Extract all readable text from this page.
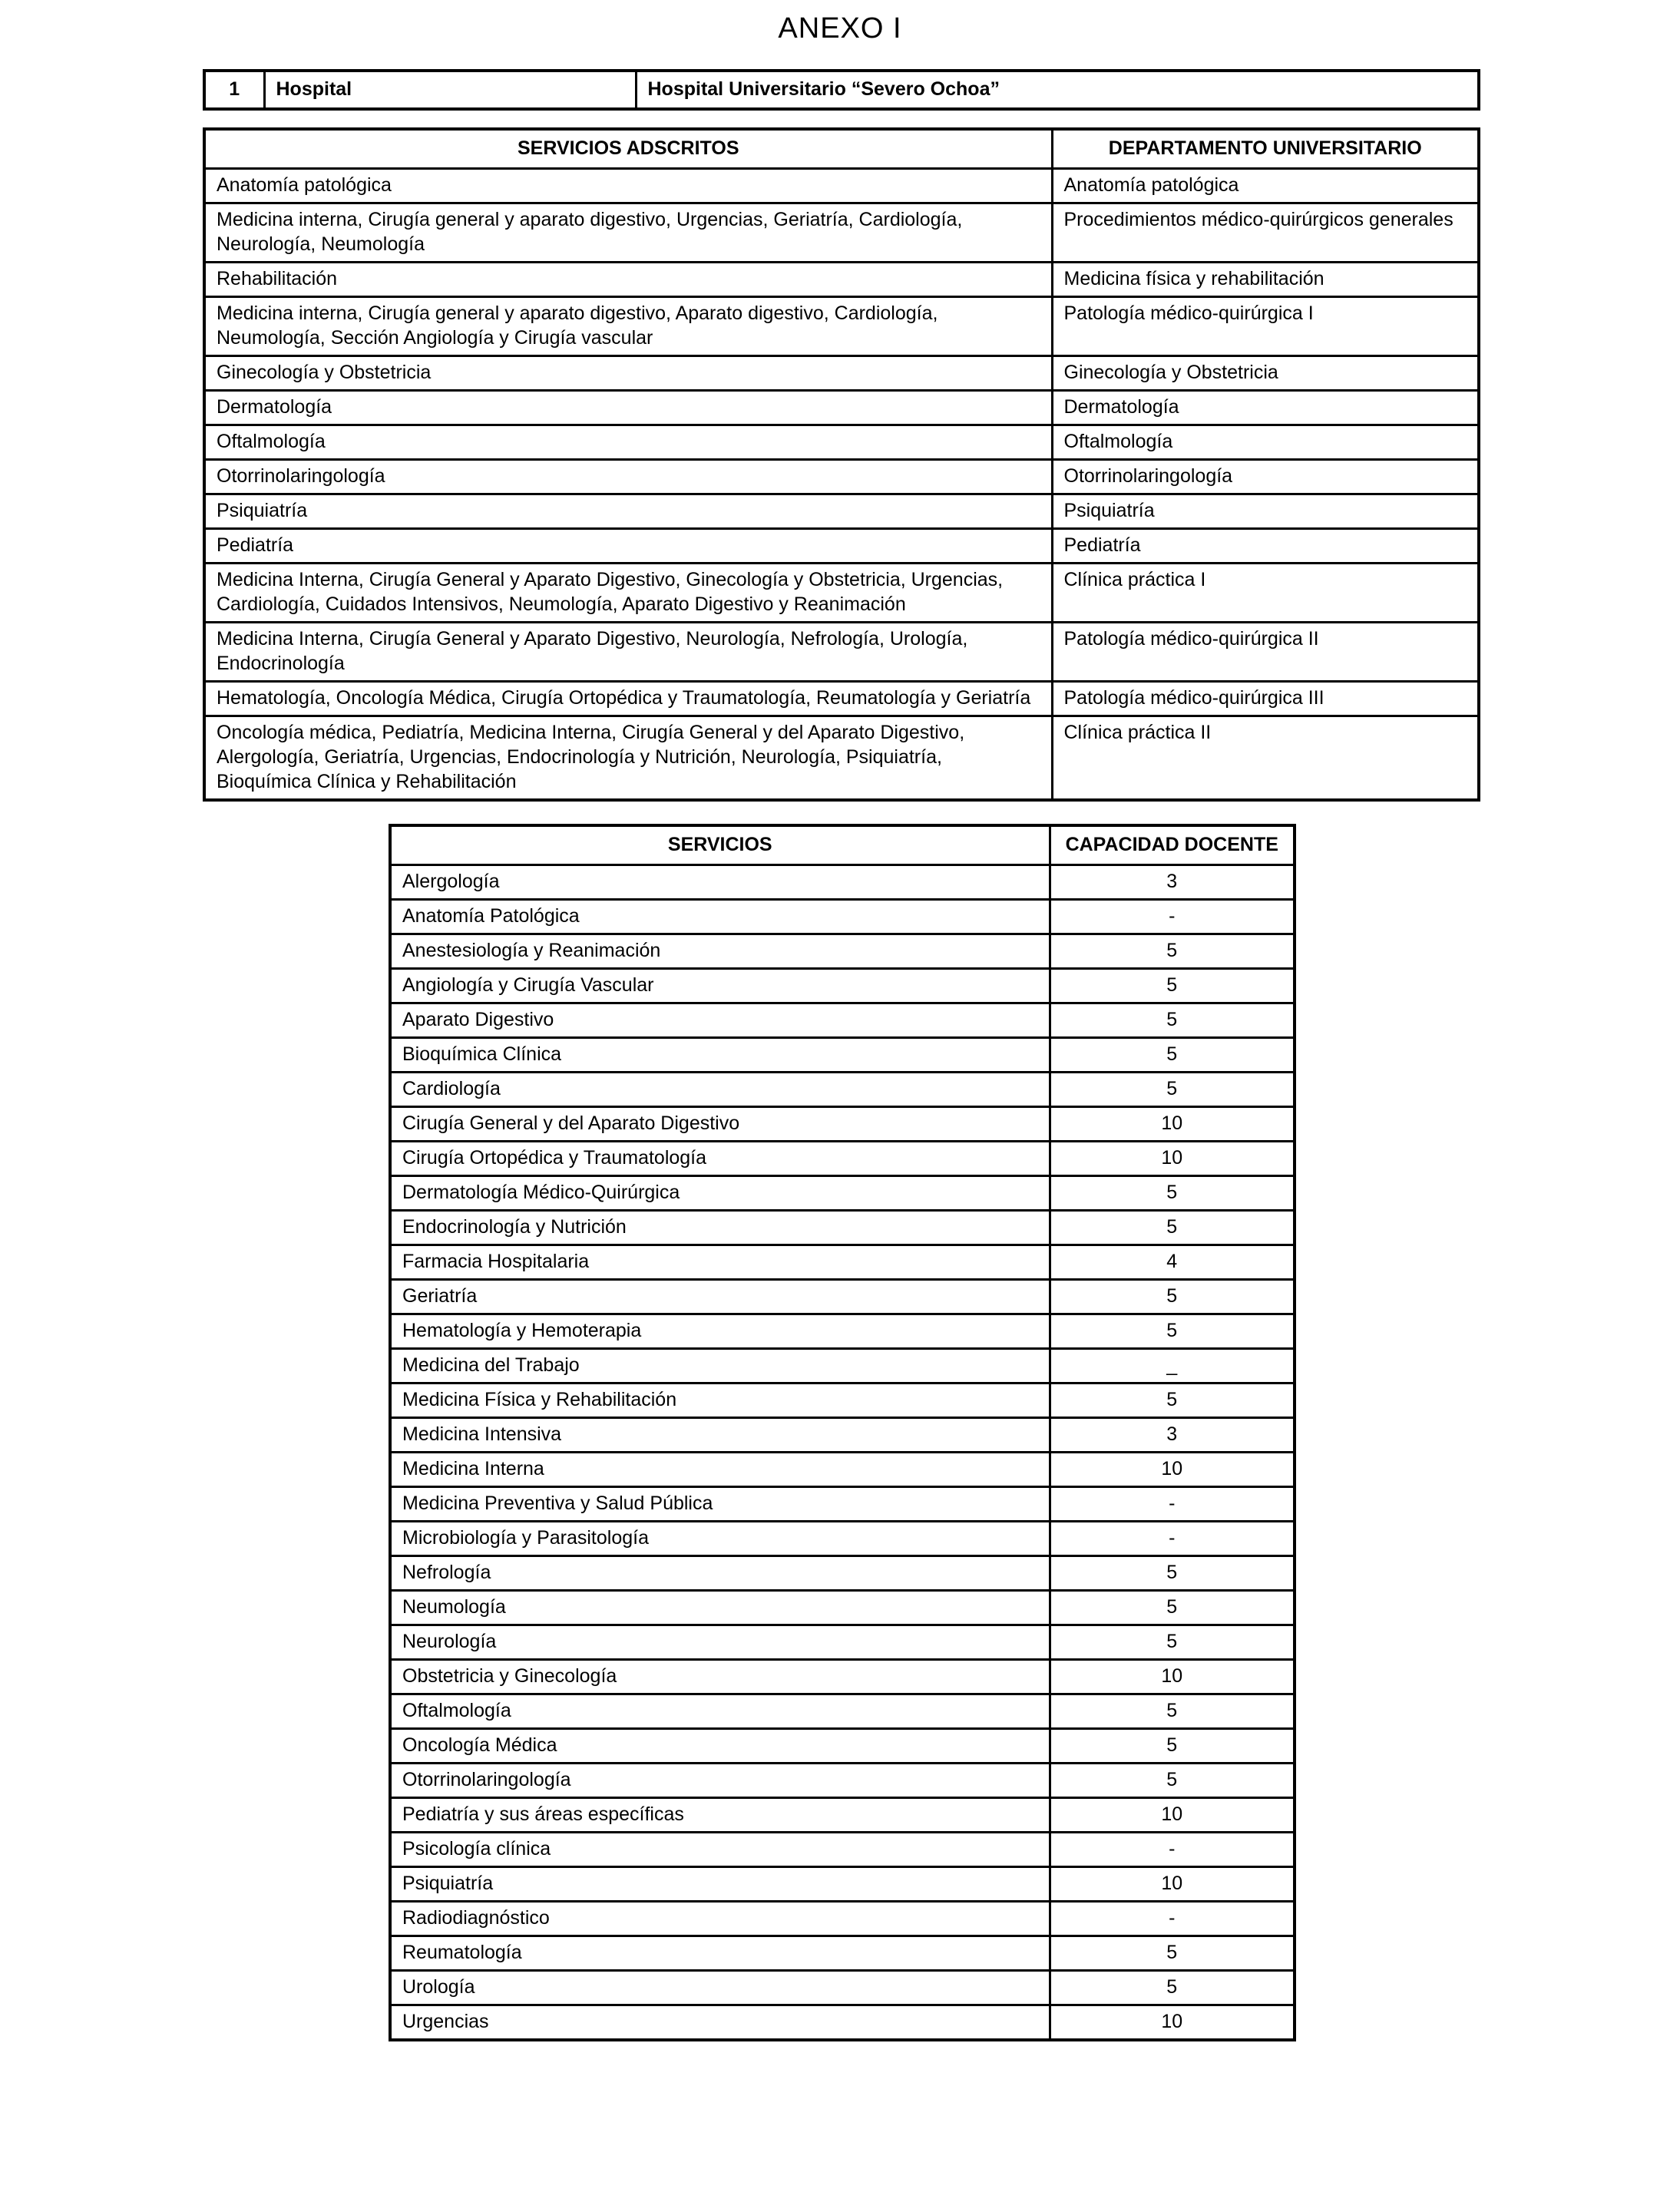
ANEXO I
1	Hospital	Hospital Universitario “Severo Ochoa”
SERVICIOS ADSCRITOS	DEPARTAMENTO UNIVERSITARIO
Anatomía patológica	Anatomía patológica
Medicina interna, Cirugía general y aparato digestivo, Urgencias, Geriatría, Cardiología, Neurología, Neumología	Procedimientos médico-quirúrgicos generales
Rehabilitación	Medicina física y rehabilitación
Medicina interna, Cirugía general y aparato digestivo, Aparato digestivo, Cardiología, Neumología, Sección Angiología y Cirugía vascular	Patología médico-quirúrgica I
Ginecología y Obstetricia	Ginecología y Obstetricia
Dermatología	Dermatología
Oftalmología	Oftalmología
Otorrinolaringología	Otorrinolaringología
Psiquiatría	Psiquiatría
Pediatría	Pediatría
Medicina Interna, Cirugía General y Aparato Digestivo, Ginecología y Obstetricia, Urgencias, Cardiología, Cuidados Intensivos, Neumología, Aparato Digestivo y Reanimación	Clínica práctica I
Medicina Interna, Cirugía General y Aparato Digestivo, Neurología, Nefrología, Urología, Endocrinología	Patología médico-quirúrgica II
Hematología, Oncología Médica, Cirugía Ortopédica y Traumatología, Reumatología y Geriatría	Patología médico-quirúrgica III
Oncología médica, Pediatría, Medicina Interna, Cirugía General y del Aparato Digestivo, Alergología, Geriatría, Urgencias, Endocrinología y Nutrición, Neurología, Psiquiatría, Bioquímica Clínica y Rehabilitación	Clínica práctica II
SERVICIOS	CAPACIDAD DOCENTE
Alergología	3
Anatomía Patológica	-
Anestesiología y Reanimación	5
Angiología y Cirugía Vascular	5
Aparato Digestivo	5
Bioquímica Clínica	5
Cardiología	5
Cirugía General y del Aparato Digestivo	10
Cirugía Ortopédica y Traumatología	10
Dermatología Médico-Quirúrgica	5
Endocrinología y Nutrición	5
Farmacia Hospitalaria	4
Geriatría	5
Hematología y Hemoterapia	5
Medicina del Trabajo	_
Medicina Física y Rehabilitación	5
Medicina Intensiva	3
Medicina Interna	10
Medicina Preventiva y Salud Pública	-
Microbiología y Parasitología	-
Nefrología	5
Neumología	5
Neurología	5
Obstetricia y Ginecología	10
Oftalmología	5
Oncología Médica	5
Otorrinolaringología	5
Pediatría y sus áreas específicas	10
Psicología clínica	-
Psiquiatría	10
Radiodiagnóstico	-
Reumatología	5
Urología	5
Urgencias	10
